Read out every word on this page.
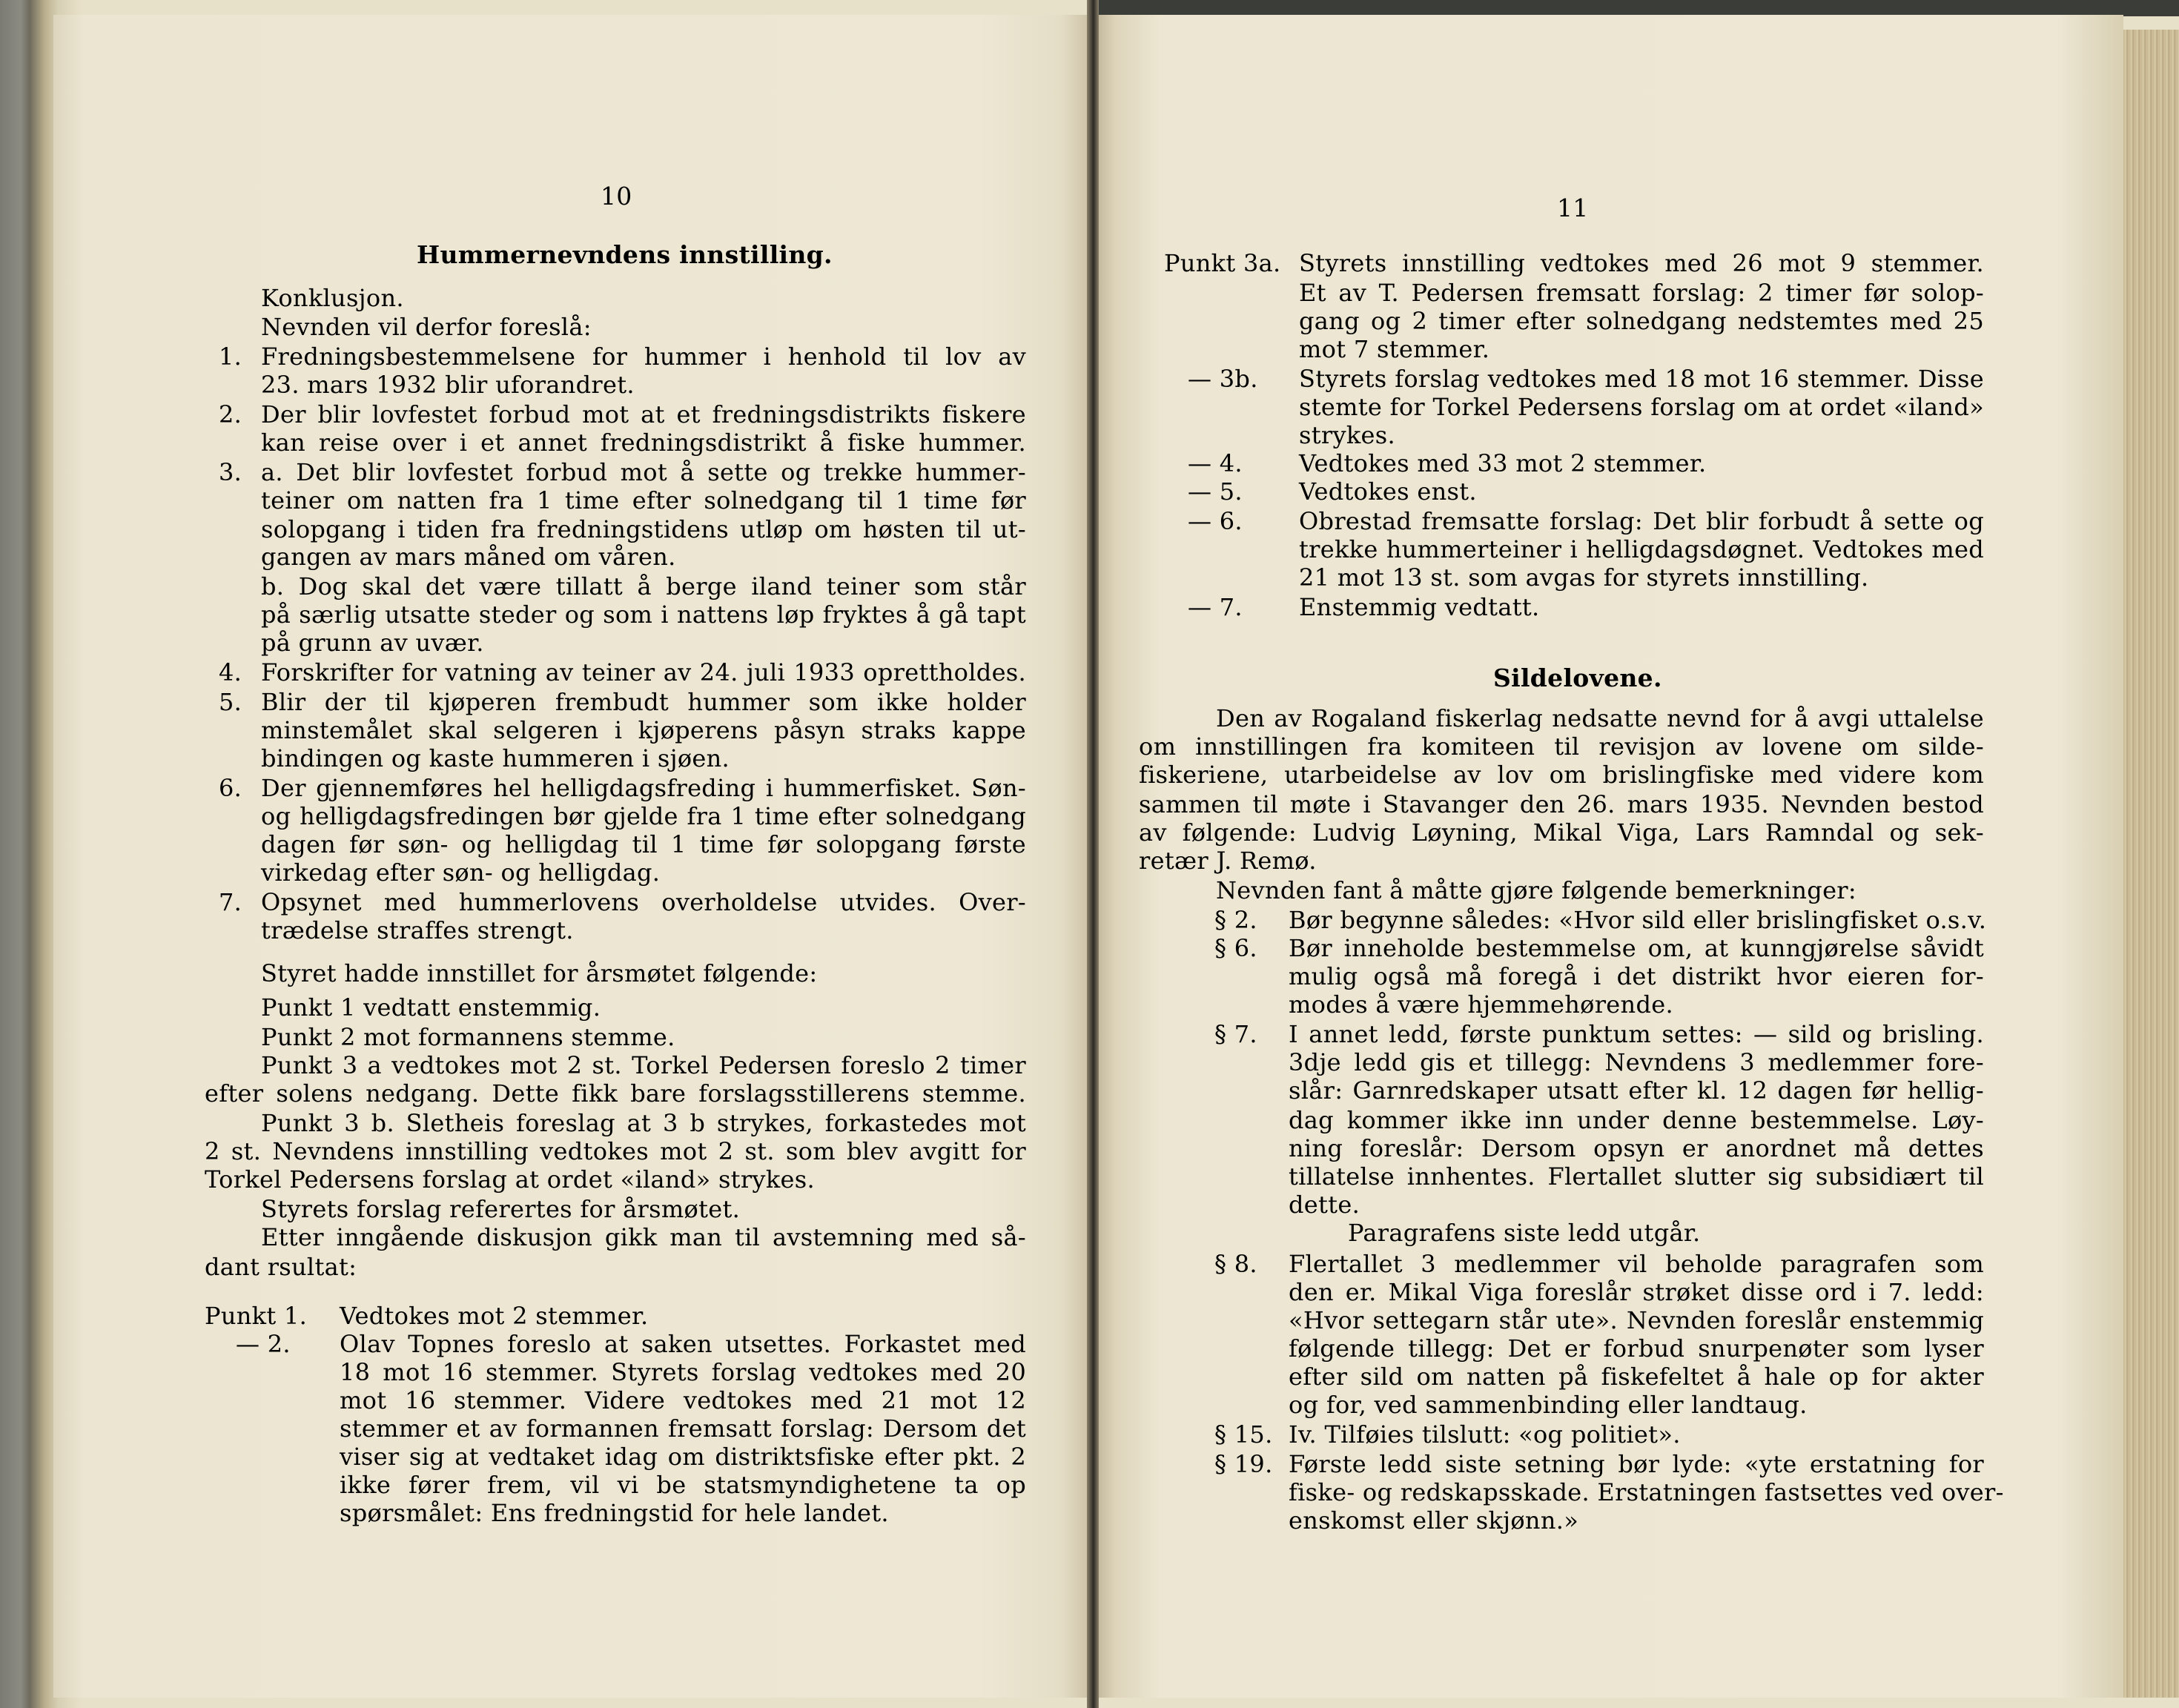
10
Hummernevndens innstilling.
Konklusjon.
Nevnden vil derfor foreslå:
1. Fredningsbestemmelsene for hummer i henhold til lov av
23. mars 1932 blir uforandret.
2. Der blir lovfestet forbud mot at et fredningsdistrikts fiskere
kan reise over i et annet fredningsdistrikt å fiske hummer.
3. a. Det blir lovfestet forbud mot å sette og trekke hummer-
teiner om natten fra 1 time efter solnedgang til 1 time før
solopgang i tiden fra fredningstidens utløp om høsten til ut-
gangen av mars måned om våren.
b. Dog skal det være tillatt å berge iland teiner som står
på særlig utsatte steder og som i nattens løp fryktes å gå tapt
på grunn av uvær.
4. Forskrifter for vatning av teiner av 24. juli 1933 oprettholdes.
5. Blir der til kjøperen frembudt hummer som ikke holder
minstemålet skal selgeren i kjøperens påsyn straks kappe
bindingen og kaste hummeren i sjøen.
6. Der gjennemføres hel helligdagsfreding i hummerfisket. Søn-
og helligdagsfredingen bør gjelde fra 1 time efter solnedgang
dagen før søn- og helligdag til 1 time før solopgang første
virkedag efter søn- og helligdag.
7. Opsynet med hummerlovens overholdelse utvides. Over-
trædelse straffes strengt.
Styret hadde innstillet for årsmøtet følgende:
Punkt 1 vedtatt enstemmig.
Punkt 2 mot formannens stemme.
Punkt 3 a vedtokes mot 2 st. Torkel Pedersen foreslo 2 timer
efter solens nedgang. Dette fikk bare forslagsstillerens stemme.
Punkt 3 b. Sletheis foreslag at 3 b strykes, forkastedes mot
2 st. Nevndens innstilling vedtokes mot 2 st. som blev avgitt for
Torkel Pedersens forslag at ordet «iland» strykes.
Styrets forslag referertes for årsmøtet.
Etter inngående diskusjon gikk man til avstemning med så-
dant rsultat:
Punkt 1. Vedtokes mot 2 stemmer.
— 2. Olav Topnes foreslo at saken utsettes. Forkastet med
18 mot 16 stemmer. Styrets forslag vedtokes med 20
mot 16 stemmer. Videre vedtokes med 21 mot 12
stemmer et av formannen fremsatt forslag: Dersom det
viser sig at vedtaket idag om distriktsfiske efter pkt. 2
ikke fører frem, vil vi be statsmyndighetene ta op
spørsmålet: Ens fredningstid for hele landet.
11
Punkt 3a. Styrets innstilling vedtokes med 26 mot 9 stemmer.
Et av T. Pedersen fremsatt forslag: 2 timer før solop-
gang og 2 timer efter solnedgang nedstemtes med 25
mot 7 stemmer.
— 3b. Styrets forslag vedtokes med 18 mot 16 stemmer. Disse
stemte for Torkel Pedersens forslag om at ordet «iland»
strykes.
— 4. Vedtokes med 33 mot 2 stemmer.
— 5. Vedtokes enst.
— 6. Obrestad fremsatte forslag: Det blir forbudt å sette og
trekke hummerteiner i helligdagsdøgnet. Vedtokes med
21 mot 13 st. som avgas for styrets innstilling.
— 7. Enstemmig vedtatt.
Sildelovene.
Den av Rogaland fiskerlag nedsatte nevnd for å avgi uttalelse
om innstillingen fra komiteen til revisjon av lovene om silde-
fiskeriene, utarbeidelse av lov om brislingfiske med videre kom
sammen til møte i Stavanger den 26. mars 1935. Nevnden bestod
av følgende: Ludvig Løyning, Mikal Viga, Lars Ramndal og sek-
retær J. Remø.
Nevnden fant å måtte gjøre følgende bemerkninger:
§ 2. Bør begynne således: «Hvor sild eller brislingfisket o.s.v.
§ 6. Bør inneholde bestemmelse om, at kunngjørelse såvidt
mulig også må foregå i det distrikt hvor eieren for-
modes å være hjemmehørende.
§ 7. I annet ledd, første punktum settes: — sild og brisling.
3dje ledd gis et tillegg: Nevndens 3 medlemmer fore-
slår: Garnredskaper utsatt efter kl. 12 dagen før hellig-
dag kommer ikke inn under denne bestemmelse. Løy-
ning foreslår: Dersom opsyn er anordnet må dettes
tillatelse innhentes. Flertallet slutter sig subsidiært til
dette.
Paragrafens siste ledd utgår.
§ 8. Flertallet 3 medlemmer vil beholde paragrafen som
den er. Mikal Viga foreslår strøket disse ord i 7. ledd:
«Hvor settegarn står ute». Nevnden foreslår enstemmig
følgende tillegg: Det er forbud snurpenøter som lyser
efter sild om natten på fiskefeltet å hale op for akter
og for, ved sammenbinding eller landtaug.
§ 15. Iv. Tilføies tilslutt: «og politiet».
§ 19. Første ledd siste setning bør lyde: «yte erstatning for
fiske- og redskapsskade. Erstatningen fastsettes ved over-
enskomst eller skjønn.»
